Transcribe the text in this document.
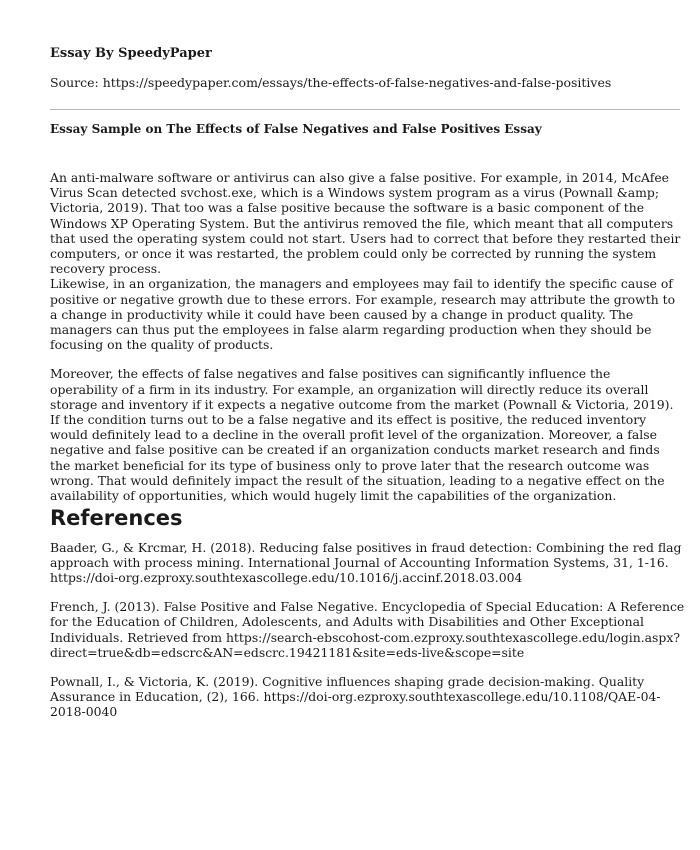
Essay By SpeedyPaper
Source: https://speedypaper.com/essays/the-effects-of-false-negatives-and-false-positives
Essay Sample on The Effects of False Negatives and False Positives Essay

An anti-malware software or antivirus can also give a false positive. For example, in 2014, McAfee Virus Scan detected svchost.exe, which is a Windows system program as a virus (Pownall &amp; Victoria, 2019). That too was a false positive because the software is a basic component of the Windows XP Operating System. But the antivirus removed the file, which meant that all computers that used the operating system could not start. Users had to correct that before they restarted their computers, or once it was restarted, the problem could only be corrected by running the system recovery process.

Likewise, in an organization, the managers and employees may fail to identify the specific cause of positive or negative growth due to these errors. For example, research may attribute the growth to a change in productivity while it could have been caused by a change in product quality. The managers can thus put the employees in false alarm regarding production when they should be focusing on the quality of products.

Moreover, the effects of false negatives and false positives can significantly influence the operability of a firm in its industry. For example, an organization will directly reduce its overall storage and inventory if it expects a negative outcome from the market (Pownall & Victoria, 2019). If the condition turns out to be a false negative and its effect is positive, the reduced inventory would definitely lead to a decline in the overall profit level of the organization. Moreover, a false negative and false positive can be created if an organization conducts market research and finds the market beneficial for its type of business only to prove later that the research outcome was wrong. That would definitely impact the result of the situation, leading to a negative effect on the availability of opportunities, which would hugely limit the capabilities of the organization.

References

Baader, G., & Krcmar, H. (2018). Reducing false positives in fraud detection: Combining the red flag approach with process mining. International Journal of Accounting Information Systems, 31, 1-16. https://doi-org.ezproxy.southtexascollege.edu/10.1016/j.accinf.2018.03.004

French, J. (2013). False Positive and False Negative. Encyclopedia of Special Education: A Reference for the Education of Children, Adolescents, and Adults with Disabilities and Other Exceptional Individuals. Retrieved from https://search-ebscohost-com.ezproxy.southtexascollege.edu/login.aspx?direct=true&db=edscrc&AN=edscrc.19421181&site=eds-live&scope=site

Pownall, I., & Victoria, K. (2019). Cognitive influences shaping grade decision-making. Quality Assurance in Education, (2), 166. https://doi-org.ezproxy.southtexascollege.edu/10.1108/QAE-04-2018-0040
